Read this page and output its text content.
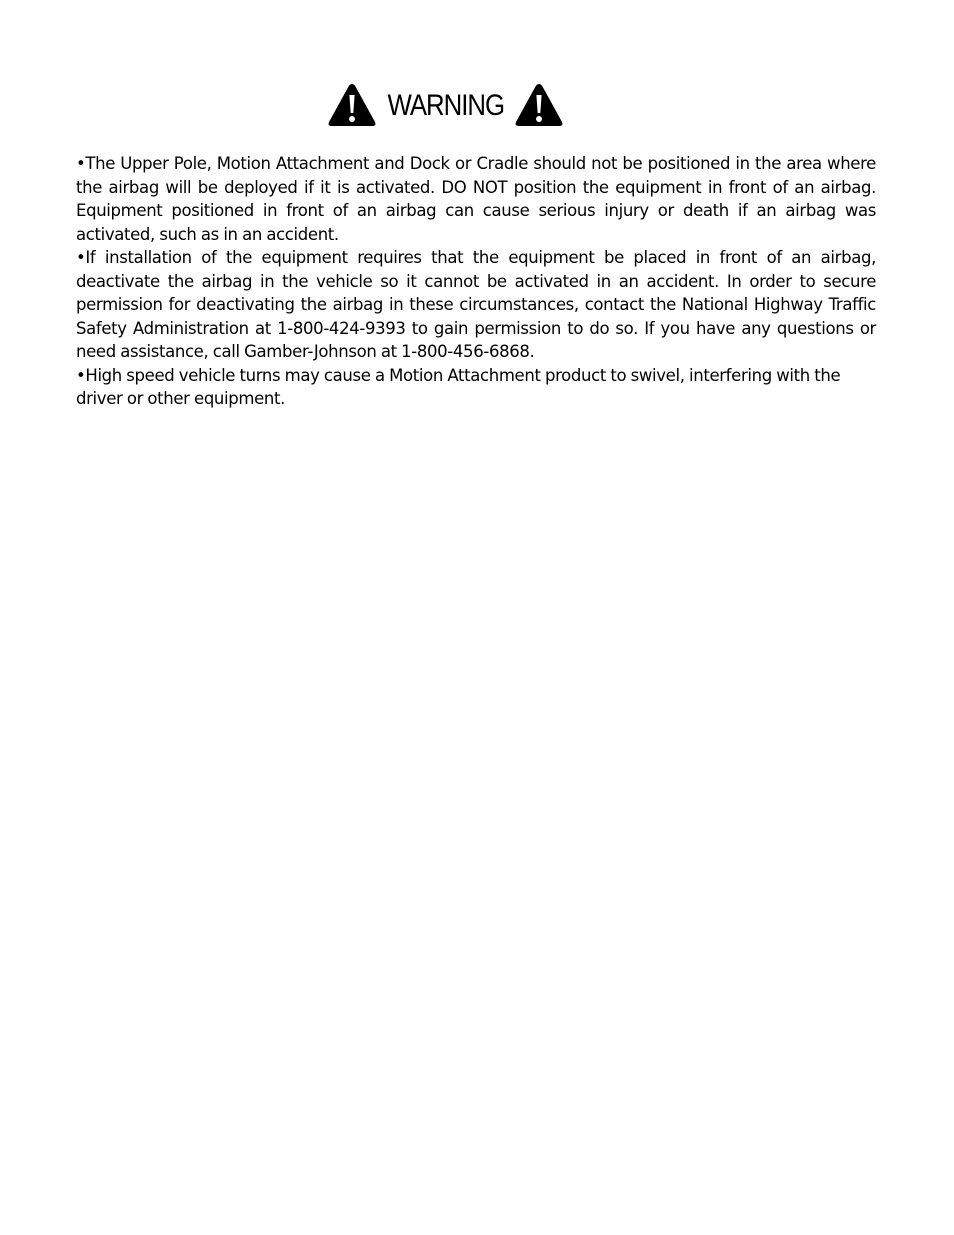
WARNING

•The Upper Pole, Motion Attachment and Dock or Cradle should not be positioned in the area where the airbag will be deployed if it is activated. DO NOT position the equipment in front of an airbag. Equipment positioned in front of an airbag can cause serious injury or death if an airbag was activated, such as in an accident.

•If installation of the equipment requires that the equipment be placed in front of an airbag, deactivate the airbag in the vehicle so it cannot be activated in an accident. In order to secure permission for deactivating the airbag in these circumstances, contact the National Highway Traffic Safety Administration at 1-800-424-9393 to gain permission to do so. If you have any questions or need assistance, call Gamber-Johnson at 1-800-456-6868.

•High speed vehicle turns may cause a Motion Attachment product to swivel, interfering with the driver or other equipment.
